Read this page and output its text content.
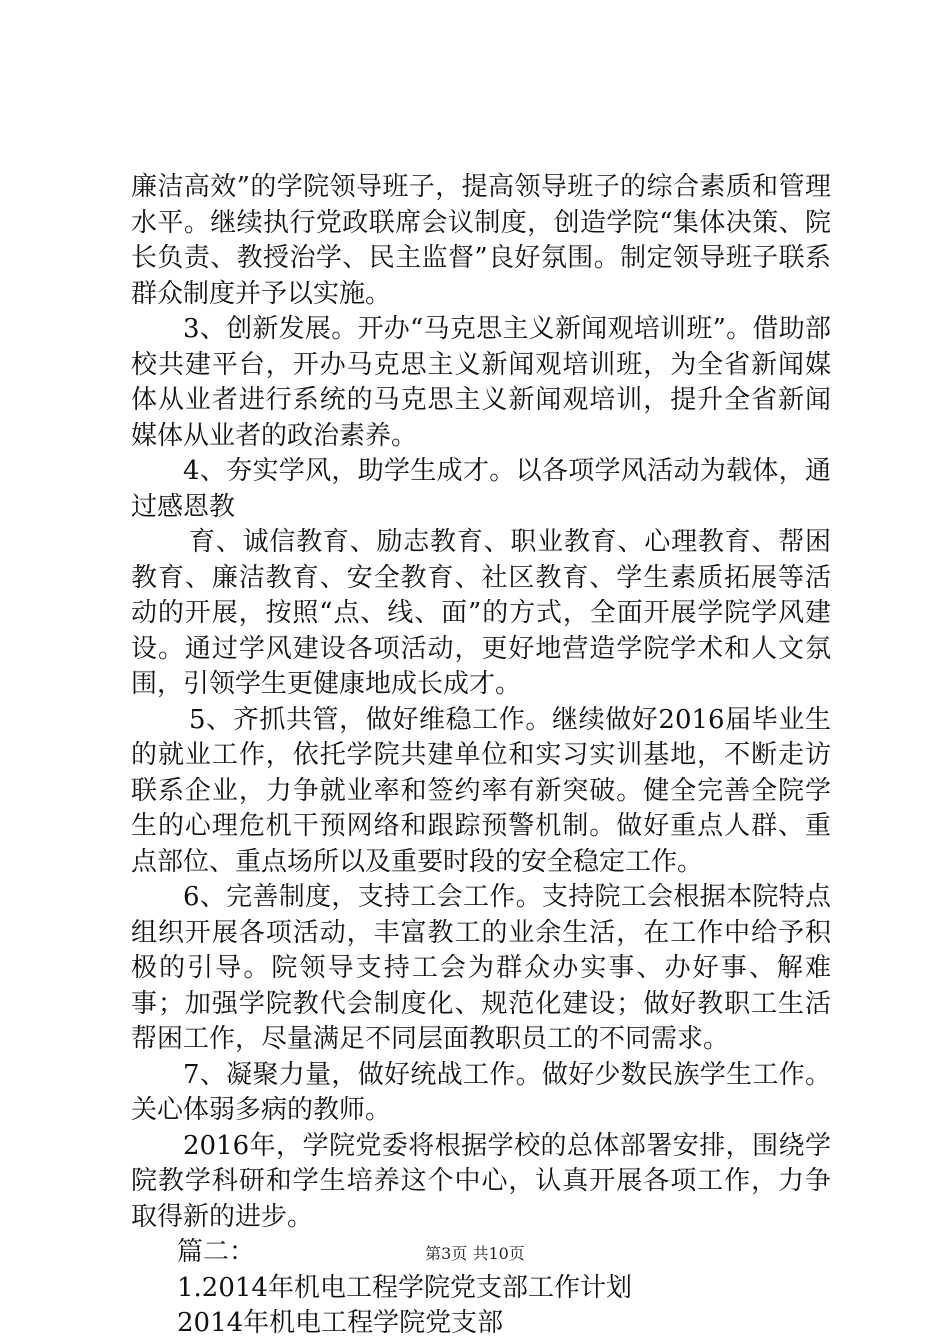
廉洁高效”的学院领导班子，提高领导班子的综合素质和管理水平。继续执行党政联席会议制度，创造学院“集体决策、院长负责、教授治学、民主监督”良好氛围。制定领导班子联系群众制度并予以实施。

3、创新发展。开办“马克思主义新闻观培训班”。借助部校共建平台，开办马克思主义新闻观培训班，为全省新闻媒体从业者进行系统的马克思主义新闻观培训，提升全省新闻媒体从业者的政治素养。

4、夯实学风，助学生成才。以各项学风活动为载体，通过感恩教

育、诚信教育、励志教育、职业教育、心理教育、帮困教育、廉洁教育、安全教育、社区教育、学生素质拓展等活动的开展，按照“点、线、面”的方式，全面开展学院学风建设。通过学风建设各项活动，更好地营造学院学术和人文氛围，引领学生更健康地成长成才。

5、齐抓共管，做好维稳工作。继续做好2016届毕业生的就业工作，依托学院共建单位和实习实训基地，不断走访联系企业，力争就业率和签约率有新突破。健全完善全院学生的心理危机干预网络和跟踪预警机制。做好重点人群、重点部位、重点场所以及重要时段的安全稳定工作。

6、完善制度，支持工会工作。支持院工会根据本院特点组织开展各项活动，丰富教工的业余生活，在工作中给予积极的引导。院领导支持工会为群众办实事、办好事、解难事；加强学院教代会制度化、规范化建设；做好教职工生活帮困工作，尽量满足不同层面教职员工的不同需求。

7、凝聚力量，做好统战工作。做好少数民族学生工作。关心体弱多病的教师。

2016年，学院党委将根据学校的总体部署安排，围绕学院教学科研和学生培养这个中心，认真开展各项工作，力争取得新的进步。

篇二：

1.2014年机电工程学院党支部工作计划

2014年机电工程学院党支部

第3页 共10页
